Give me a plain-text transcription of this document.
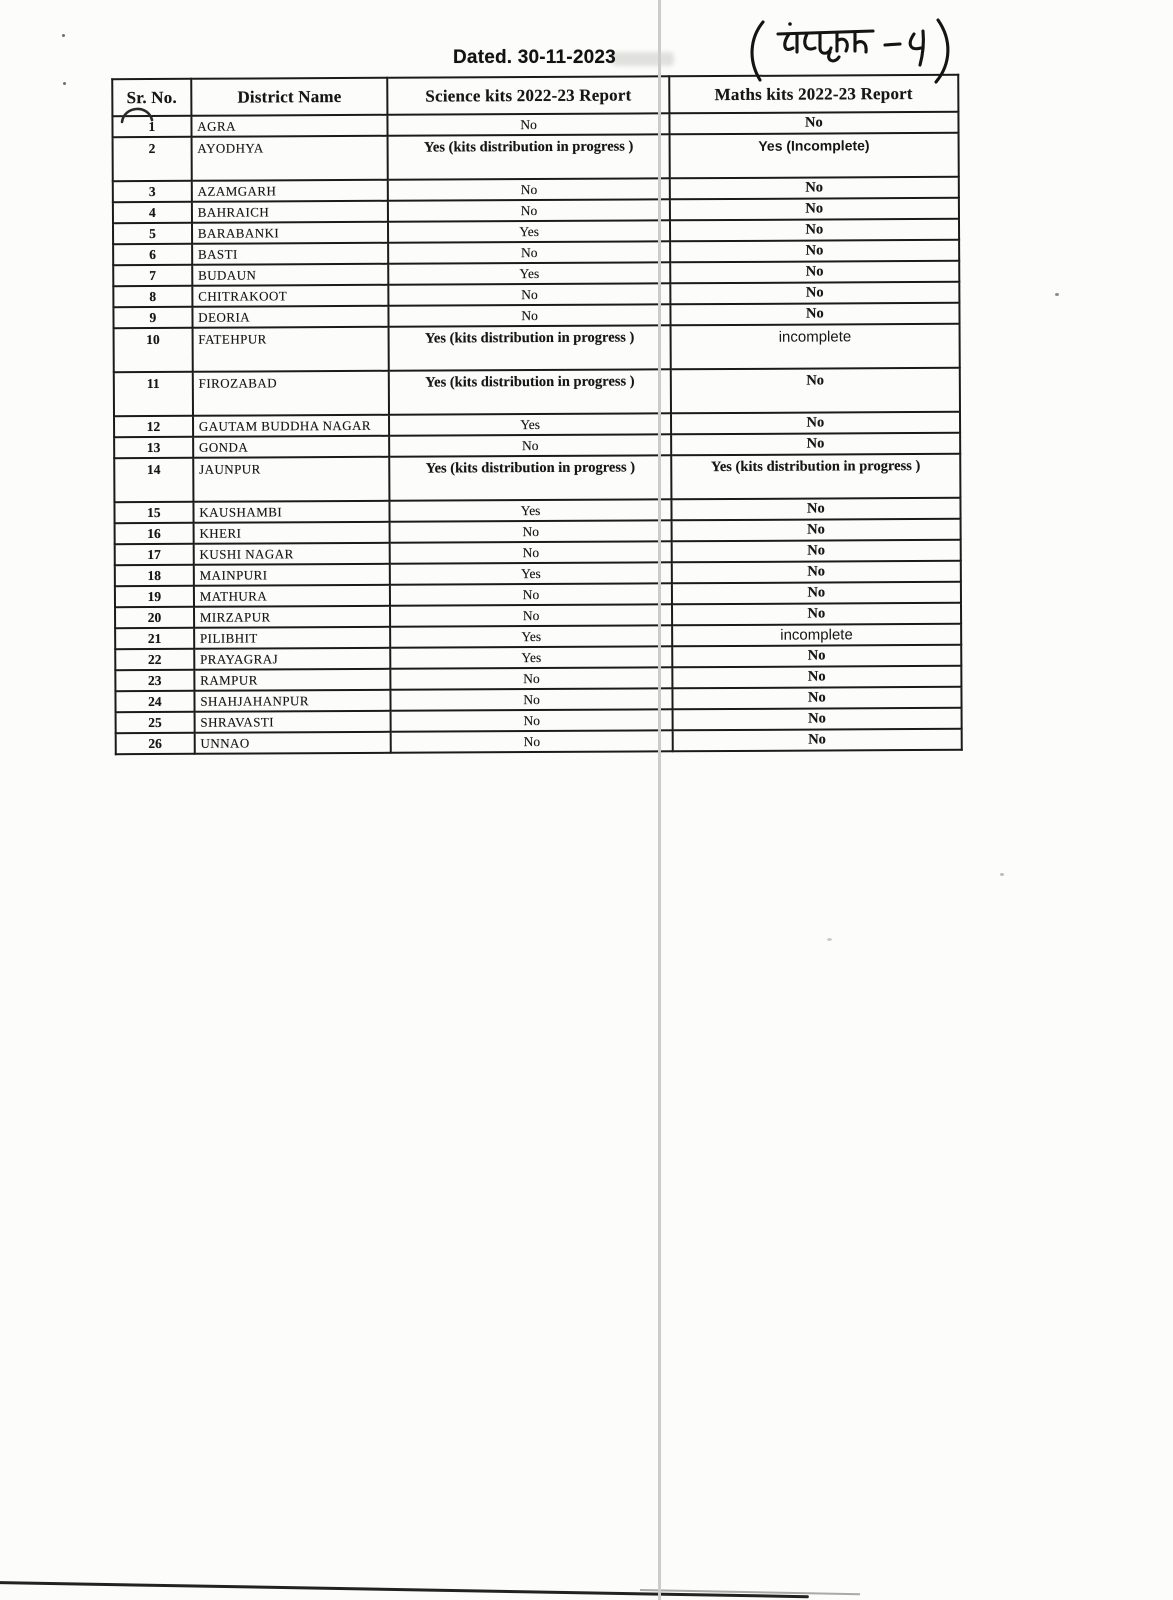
Dated. 30-11-2023
Sr. No.	District Name	Science kits 2022-23 Report	Maths kits 2022-23 Report
1	AGRA	No	No
2	AYODHYA	Yes (kits distribution in progress )	Yes (Incomplete)
3	AZAMGARH	No	No
4	BAHRAICH	No	No
5	BARABANKI	Yes	No
6	BASTI	No	No
7	BUDAUN	Yes	No
8	CHITRAKOOT	No	No
9	DEORIA	No	No
10	FATEHPUR	Yes (kits distribution in progress )	incomplete
11	FIROZABAD	Yes (kits distribution in progress )	No
12	GAUTAM BUDDHA NAGAR	Yes	No
13	GONDA	No	No
14	JAUNPUR	Yes (kits distribution in progress )	Yes (kits distribution in progress )
15	KAUSHAMBI	Yes	No
16	KHERI	No	No
17	KUSHI NAGAR	No	No
18	MAINPURI	Yes	No
19	MATHURA	No	No
20	MIRZAPUR	No	No
21	PILIBHIT	Yes	incomplete
22	PRAYAGRAJ	Yes	No
23	RAMPUR	No	No
24	SHAHJAHANPUR	No	No
25	SHRAVASTI	No	No
26	UNNAO	No	No
